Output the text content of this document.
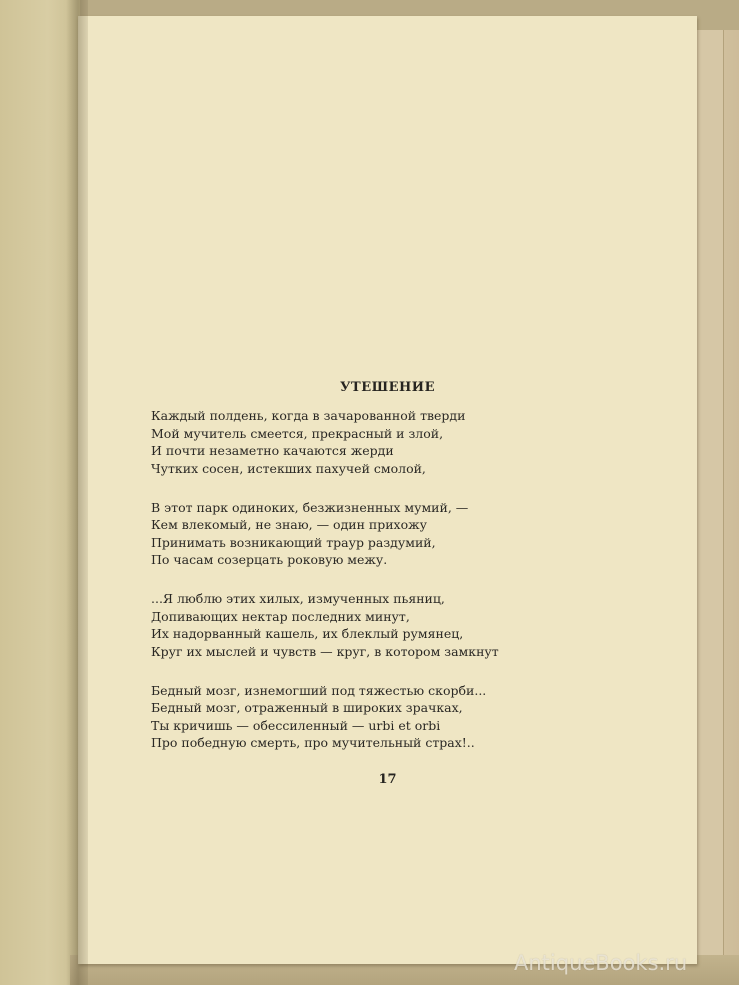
УТЕШЕНИЕ
Каждый полдень, когда в зачарованной тверди
Мой мучитель смеется, прекрасный и злой,
И почти незаметно качаются жерди
Чутких сосен, истекших пахучей смолой,
В этот парк одиноких, безжизненных мумий, —
Кем влекомый, не знаю, — один прихожу
Принимать возникающий траур раздумий,
По часам созерцать роковую межу.
...Я люблю этих хилых, измученных пьяниц,
Допивающих нектар последних минут,
Их надорванный кашель, их блеклый румянец,
Круг их мыслей и чувств — круг, в котором замкнут
Бедный мозг, изнемогший под тяжестью скорби...
Бедный мозг, отраженный в широких зрачках,
Ты кричишь — обессиленный — urbi et orbi
Про победную смерть, про мучительный страх!..
17
AntiqueBooks.ru
